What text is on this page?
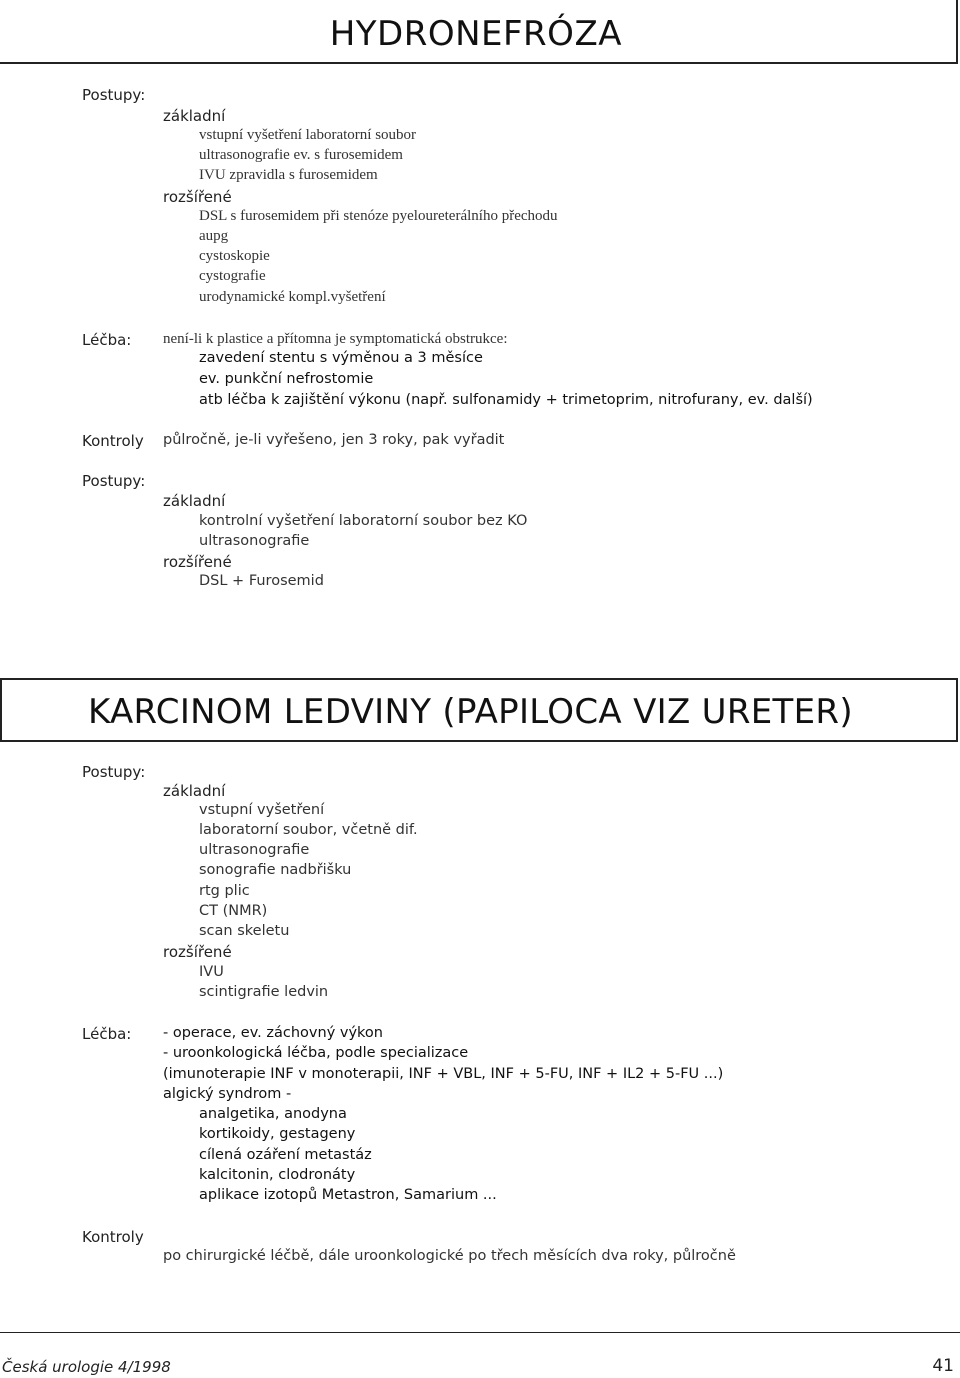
HYDRONEFRÓZA
Postupy:
základní
vstupní vyšetření laboratorní soubor
ultrasonografie ev. s furosemidem
IVU zpravidla s furosemidem
rozšířené
DSL s furosemidem při stenóze pyeloureterálního přechodu
aupg
cystoskopie
cystografie
urodynamické kompl.vyšetření
Léčba: není-li k plastice a přítomna je symptomatická obstrukce:
zavedení stentu s výměnou a 3 měsíce
ev. punkční nefrostomie
atb léčba k zajištění výkonu (např. sulfonamidy + trimetoprim, nitrofurany, ev. další)
Kontroly půlročně, je-li vyřešeno, jen 3 roky, pak vyřadit
Postupy:
základní
kontrolní vyšetření laboratorní soubor bez KO
ultrasonografie
rozšířené
DSL + Furosemid
KARCINOM LEDVINY (PAPILOCA VIZ URETER)
Postupy:
základní
vstupní vyšetření
laboratorní soubor, včetně dif.
ultrasonografie
sonografie nadbřišku
rtg plic
CT (NMR)
scan skeletu
rozšířené
IVU
scintigrafie ledvin
Léčba: - operace, ev. záchovný výkon
- uroonkologická léčba, podle specializace
(imunoterapie INF v monoterapii, INF + VBL, INF + 5-FU, INF + IL2 + 5-FU ...)
algický syndrom -
analgetika, anodyna
kortikoidy, gestageny
cílená ozáření metastáz
kalcitonin, clodronáty
aplikace izotopů Metastron, Samarium ...
Kontroly
po chirurgické léčbě, dále uroonkologické po třech měsících dva roky, půlročně
Česká urologie 4/1998	41
